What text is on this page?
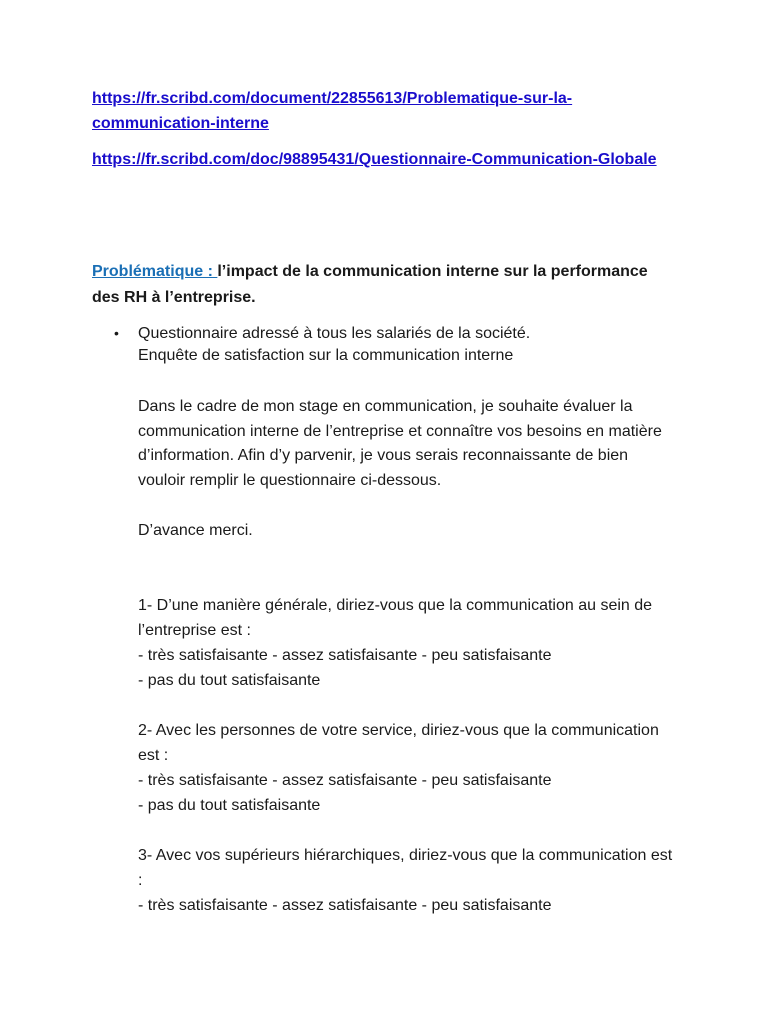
https://fr.scribd.com/document/22855613/Problematique-sur-la-
communication-interne
https://fr.scribd.com/doc/98895431/Questionnaire-Communication-Globale
Problématique : l’impact de la communication interne sur la performance
des RH à l’entreprise.
• Questionnaire adressé à tous les salariés de la société.
Enquête de satisfaction sur la communication interne
Dans le cadre de mon stage en communication, je souhaite évaluer la
communication interne de l’entreprise et connaître vos besoins en matière
d’information. Afin d’y parvenir, je vous serais reconnaissante de bien
vouloir remplir le questionnaire ci-dessous.
D’avance merci.
1- D’une manière générale, diriez-vous que la communication au sein de
l’entreprise est :
- très satisfaisante - assez satisfaisante - peu satisfaisante
- pas du tout satisfaisante
2- Avec les personnes de votre service, diriez-vous que la communication
est :
- très satisfaisante - assez satisfaisante - peu satisfaisante
- pas du tout satisfaisante
3- Avec vos supérieurs hiérarchiques, diriez-vous que la communication est
:
- très satisfaisante - assez satisfaisante - peu satisfaisante
